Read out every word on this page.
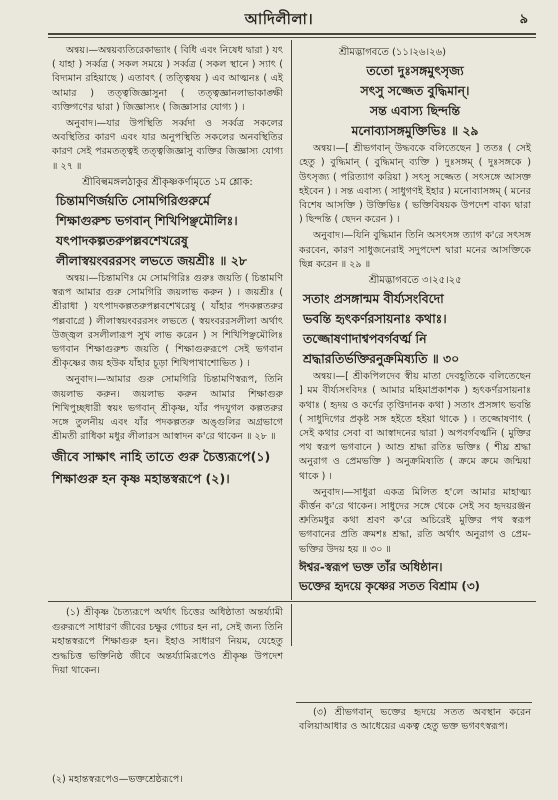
আদিলীলা।	৯

অন্বয়।—অন্বয়ব্যতিরেকাভ্যাং ( বিধি এবং নিষেধ দ্বারা ) যৎ ( যাহা ) সর্ব্বত্র ( সকল সময়ে ) সর্ব্বত্র ( সকল স্থানে ) স্যাৎ ( বিদ্যমান রহিয়াছে ) এতাবৎ ( তত্ত্বিষয় ) এব আত্মনঃ ( এই আমার ) তত্ত্বজিজ্ঞাসুনা ( তত্ত্বজ্ঞানলাভাকাঙ্ক্ষী ব্যক্তিগণের দ্বারা ) জিজ্ঞাস্যং ( জিজ্ঞাসার যোগ্য ) ।

অনুবাদ।—যার উপস্থিতি সর্ব্বদা ও সর্ব্বত্র সকলের অবস্থিতির কারণ এবং যার অনুপস্থিতি সকলের অনবস্থিতির কারণ সেই পরমতত্ত্বই তত্ত্বজিজ্ঞাসু ব্যক্তির জিজ্ঞাস্য যোগ্য ॥ ২৭ ॥

শ্রীবিল্বমঙ্গলঠাকুর শ্রীকৃষ্ণকর্ণামৃতে ১ম শ্লোক:
চিন্তামণির্জয়তি সোমগিরিগুরুর্মে
শিক্ষাগুরুশ্চ ভগবান্ শিখিপিঞ্ছমৌলিঃ।
যৎপাদকল্পতরুপল্লবশেখরেষু
লীলাস্বয়ংবররসং লভতে জয়শ্রীঃ ॥ ২৮

অন্বয়।—চিন্তামণিঃ মে সোমগিরিঃ গুরুঃ জয়তি ( চিন্তামণি স্বরূপ আমার গুরু সোমগিরি জয়লাভ করুন ) । জয়শ্রীঃ ( শ্রীরাধা ) যৎপাদকল্পতরুপল্লবশেখরেষু ( যাঁহার পদকল্পতরুর পল্লবাগ্রে ) লীলাস্বয়ংবররসং লভতে ( স্বয়ংবররসলীলা অর্থাৎ উজ্জ্বল রসলীলারূপ সুখ লাভ করেন ) স শিখিপিঞ্ছমৌলিঃ ভগবান শিক্ষাগুরুশ্চ জয়তি ( শিক্ষাগুরুরূপে সেই ভগবান শ্রীকৃষ্ণের জয় হউক যাঁহার চূড়া শিখিপাখাশোভিত ) ।

অনুবাদ।—আমার গুরু সোমগিরি চিন্তামণিস্বরূপ, তিনি জয়লাভ করুন। জয়লাভ করুন আমার শিক্ষাগুরু শিখিপুচ্ছধারী স্বয়ং ভগবান্ শ্রীকৃষ্ণ, যাঁর পদযুগল কল্পতরুর সঙ্গে তুলনীয় এবং যাঁর পদকল্পতরু অঙ্গুলির অগ্রভাগে শ্রীমতী রাধিকা মধুর লীলারস আস্বাদন ক'রে থাকেন ॥ ২৮ ॥

জীবে সাক্ষাৎ নাহি তাতে গুরু চৈত্ত্যরূপে(১)
শিক্ষাগুরু হন কৃষ্ণ মহান্তস্বরূপে (২)।
শ্রীমদ্ভাগবতে (১১।২৬।২৬)
ততো দুঃসঙ্গমুৎসৃজ্য
সৎসু সজ্জেত বুদ্ধিমান্।
সন্ত এবাস্য ছিন্দন্তি
মনোব্যাসঙ্গমুক্তিভিঃ ॥ ২৯

অন্বয়।—[ শ্রীভগবান্ উদ্ধবকে বলিতেছেন ] ততঃ ( সেই হেতু ) বুদ্ধিমান্ ( বুদ্ধিমান্ ব্যক্তি ) দুঃসঙ্গম্ ( দুঃসঙ্গকে ) উৎসৃজ্য ( পরিত্যাগ করিয়া ) সৎসু সজ্জেত ( সৎসঙ্গে আসক্ত হইবেন ) । সন্ত এবাস্য ( সাধুগণই ইহার ) মনোব্যাসঙ্গম্ ( মনের বিশেষ আসক্তি ) উক্তিভিঃ ( ভক্তিবিষয়ক উপদেশ বাক্য দ্বারা ) ছিন্দন্তি ( ছেদন করেন ) ।

অনুবাদ।—যিনি বুদ্ধিমান তিনি অসৎসঙ্গ ত্যাগ ক'রে সৎসঙ্গ করবেন, কারণ সাধুজনেরাই সদুপদেশ দ্বারা মনের আসক্তিকে ছিন্ন করেন ॥ ২৯ ॥

শ্রীমদ্ভাগবতে ৩।২৫।২৫
সতাং প্রসঙ্গান্মম বীর্য্যসংবিদো
ভবন্তি হৃৎকর্ণরসায়নাঃ কথাঃ।
তজ্জোষণাদাশ্বপবর্গবর্ত্ম নি
শ্রদ্ধারতির্ভক্তিরনুক্রমিষ্যতি ॥ ৩০

অন্বয়।—[ শ্রীকপিলদেব স্বীয় মাতা দেবহূতিকে বলিতেছেন ] মম বীর্য্যসংবিদঃ ( আমার মহিমাপ্রকাশক ) হৃৎকর্ণরসায়নাঃ কথাঃ ( হৃদয় ও কর্ণের তৃপ্তিদানক কথা ) সতাং প্রসঙ্গাৎ ভবন্তি ( সাধুদিগের প্রকৃষ্ট সঙ্গ হইতে হইয়া থাকে ) । তজ্জোষণাৎ ( সেই কথার সেবা বা আস্বাদনের দ্বারা ) অপবর্গবর্ত্মনি ( মুক্তির পথ স্বরূপ ভগবানে ) আশু শ্রদ্ধা রতিঃ ভক্তিঃ ( শীঘ্র শ্রদ্ধা অনুরাগ ও প্রেমভক্তি ) অনুক্রমিষ্যতি ( ক্রমে ক্রমে জন্মিয়া থাকে ) ।

অনুবাদ।—সাধুরা একত্র মিলিত হ'লে আমার মাহাত্ম্য কীর্ত্তন ক'রে থাকেন। সাধুদের সঙ্গে থেকে সেই সব হৃদয়রঞ্জন শ্রুতিমধুর কথা শ্রবণ ক'রে অচিরেই মুক্তির পথ স্বরূপ ভগবানের প্রতি ক্রমশঃ শ্রদ্ধা, রতি অর্থাৎ অনুরাগ ও প্রেম-ভক্তির উদয় হয় ॥ ৩০ ॥

ঈশ্বর-স্বরূপ ভক্ত তাঁর অধিষ্ঠান।
ভক্তের হৃদয়ে কৃষ্ণের সতত বিশ্রাম (৩)

(১) শ্রীকৃষ্ণ চৈত্যরূপে অর্থাৎ চিত্তের অধিষ্ঠাতা অন্তর্য্যামী গুরুরূপে সাধারণ জীবের চক্ষুর গোচর হন না, সেই জন্য তিনি মহান্তস্বরূপে শিক্ষাগুরু হন। ইহাও সাধারণ নিয়ম, যেহেতু শুদ্ধচিত্ত ভক্তিনিষ্ঠ জীবে অন্তর্য্যামিরূপেও শ্রীকৃষ্ণ উপদেশ দিয়া থাকেন।

(২) মহান্তস্বরূপেও—ভক্তশ্রেষ্ঠরূপে।

(৩) শ্রীভগবান্ ভক্তের হৃদয়ে সতত অবস্থান করেন বলিয়াআধার ও আধেয়ের একত্ব হেতু ভক্ত ভগবৎস্বরূপ।
